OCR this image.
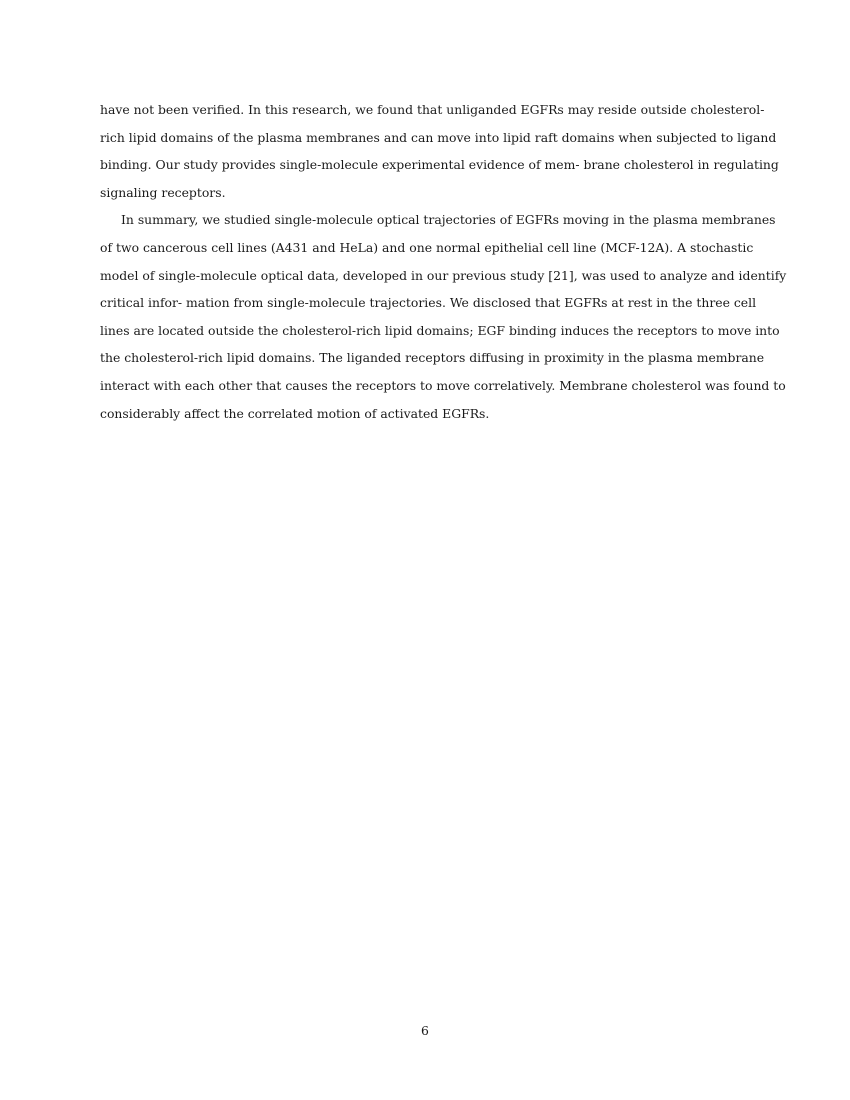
have not been verified. In this research, we found that unliganded EGFRs may reside outside cholesterol-
rich lipid domains of the plasma membranes and can move into lipid raft domains when subjected to ligand
binding. Our study provides single-molecule experimental evidence of mem- brane cholesterol in regulating
signaling receptors.
In summary, we studied single-molecule optical trajectories of EGFRs moving in the plasma membranes
of two cancerous cell lines (A431 and HeLa) and one normal epithelial cell line (MCF-12A). A stochastic
model of single-molecule optical data, developed in our previous study [21], was used to analyze and identify
critical infor- mation from single-molecule trajectories. We disclosed that EGFRs at rest in the three cell
lines are located outside the cholesterol-rich lipid domains; EGF binding induces the receptors to move into
the cholesterol-rich lipid domains. The liganded receptors diffusing in proximity in the plasma membrane
interact with each other that causes the receptors to move correlatively. Membrane cholesterol was found to
considerably affect the correlated motion of activated EGFRs.
6
